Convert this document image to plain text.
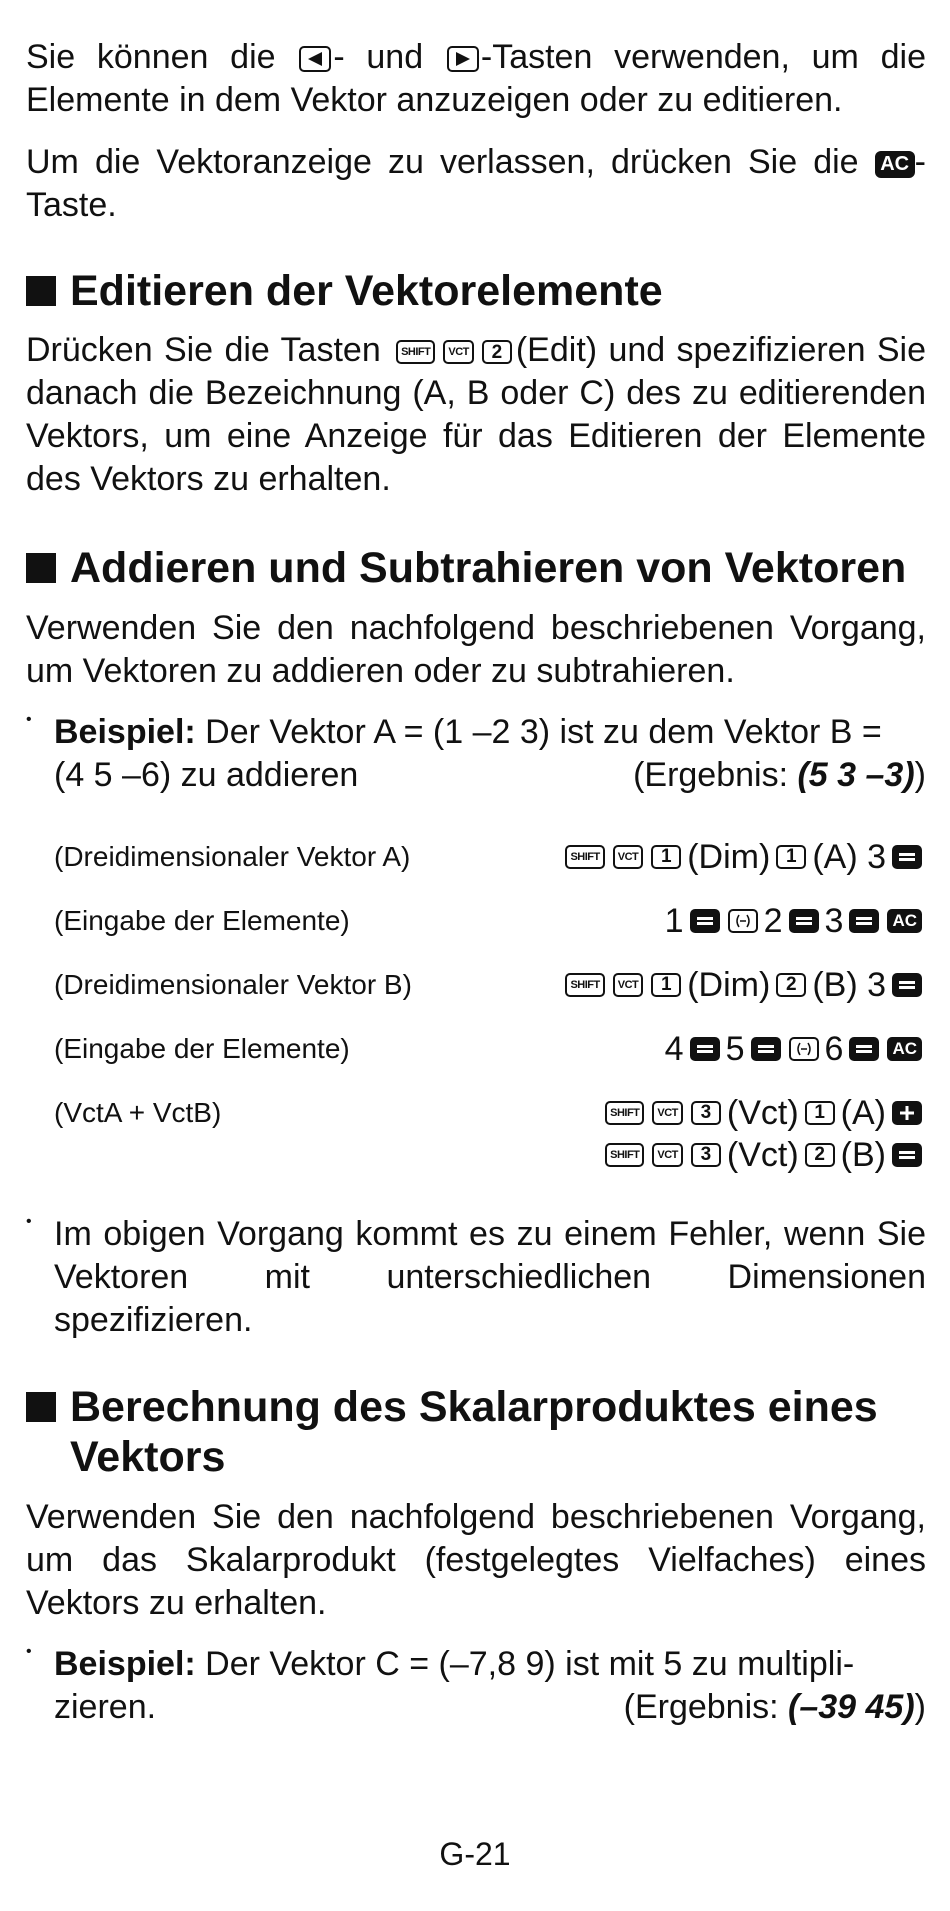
Sie können die
- und
-Tasten verwenden, um die Elemente in dem Vektor anzuzeigen oder zu editieren.

Um die Vektoranzeige zu verlassen, drücken Sie die AC -Taste.

Editieren der Vektorelemente

Drücken Sie die Tasten SHIFT VCT 2 (Edit) und spezifizieren Sie danach die Bezeichnung (A, B oder C) des zu editierenden Vektors, um eine Anzeige für das Editieren der Elemente des Vektors zu erhalten.

Addieren und Subtrahieren von Vektoren

Verwenden Sie den nachfolgend beschriebenen Vorgang, um Vektoren zu addieren oder zu subtrahieren.

• Beispiel: Der Vektor A = (1 –2 3) ist zu dem Vektor B =

(4 5 –6) zu addieren	(Ergebnis: (5 3 –3))
(Dreidimensionaler Vektor A)	SHIFT	VCT	1 (Dim) 1 (A) 3
(Eingabe der Elemente)	1 2 3	AC
(Dreidimensionaler Vektor B)	SHIFT	VCT	1 (Dim) 2 (B) 3
(Eingabe der Elemente)	4 5 6	AC
(VctA + VctB)	SHIFT	VCT	3 (Vct) 1 (A)
SHIFT	VCT	3 (Vct) 2 (B)

• Im obigen Vorgang kommt es zu einem Fehler, wenn Sie Vektoren mit unterschiedlichen Dimensionen spezifizieren.

Berechnung des Skalarproduktes eines Vektors

Verwenden Sie den nachfolgend beschriebenen Vorgang, um das Skalarprodukt (festgelegtes Vielfaches) eines Vektors zu erhalten.

• Beispiel: Der Vektor C = (–7,8 9) ist mit 5 zu multipli-

zieren.	(Ergebnis: (–39 45))
G-21
